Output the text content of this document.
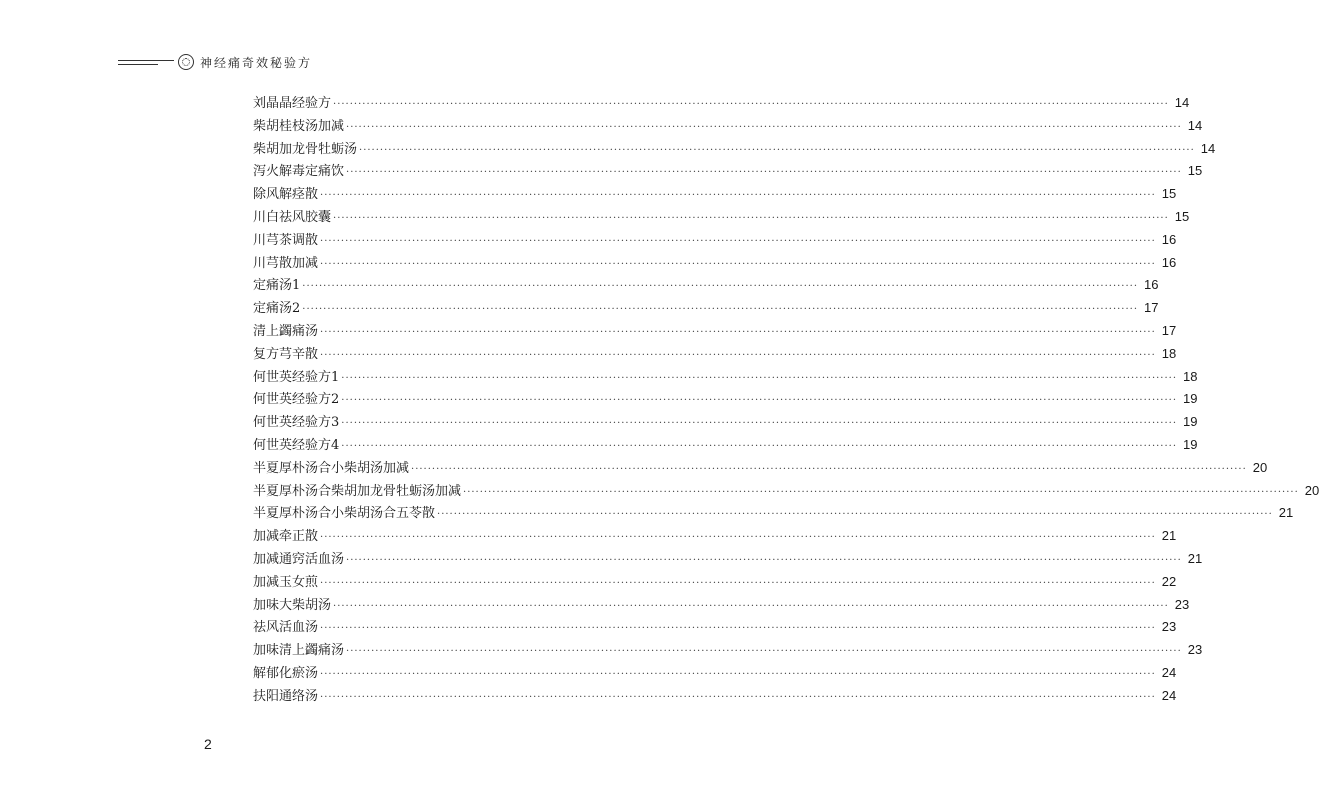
神经痛奇效秘验方
刘晶晶经验方 ········································································································································································································ 14
柴胡桂枝汤加减 ········································································································································································································ 14
柴胡加龙骨牡蛎汤 ········································································································································································································ 14
泻火解毒定痛饮 ········································································································································································································ 15
除风解痉散 ········································································································································································································ 15
川白祛风胶囊 ········································································································································································································ 15
川芎茶调散 ········································································································································································································ 16
川芎散加减 ········································································································································································································ 16
定痛汤1 ········································································································································································································ 16
定痛汤2 ········································································································································································································ 17
清上蠲痛汤 ········································································································································································································ 17
复方芎辛散 ········································································································································································································ 18
何世英经验方1 ········································································································································································································ 18
何世英经验方2 ········································································································································································································ 19
何世英经验方3 ········································································································································································································ 19
何世英经验方4 ········································································································································································································ 19
半夏厚朴汤合小柴胡汤加减 ········································································································································································································ 20
半夏厚朴汤合柴胡加龙骨牡蛎汤加减 ········································································································································································································ 20
半夏厚朴汤合小柴胡汤合五苓散 ········································································································································································································ 21
加减牵正散 ········································································································································································································ 21
加减通窍活血汤 ········································································································································································································ 21
加减玉女煎 ········································································································································································································ 22
加味大柴胡汤 ········································································································································································································ 23
祛风活血汤 ········································································································································································································ 23
加味清上蠲痛汤 ········································································································································································································ 23
解郁化瘀汤 ········································································································································································································ 24
扶阳通络汤 ········································································································································································································ 24
2
